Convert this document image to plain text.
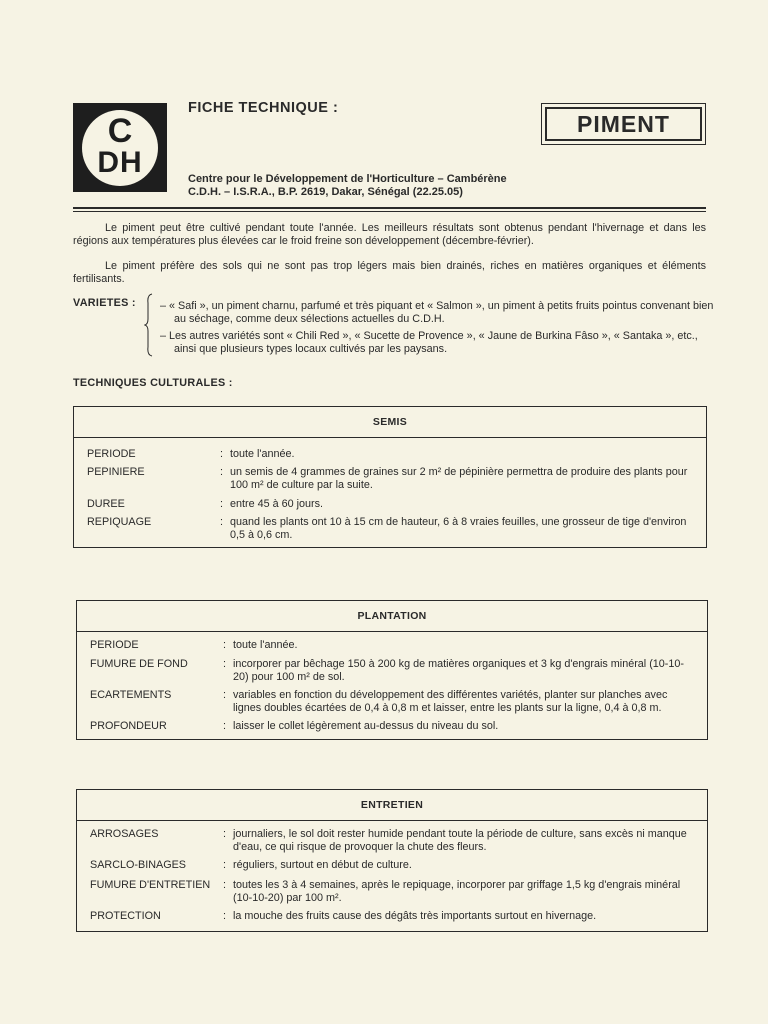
C
DH
FICHE TECHNIQUE :
PIMENT
Centre pour le Développement de l'Horticulture – Cambérène
C.D.H. – I.S.R.A., B.P. 2619, Dakar, Sénégal (22.25.05)
Le piment peut être cultivé pendant toute l'année. Les meilleurs résultats sont obtenus pendant l'hivernage et dans les régions aux températures plus élevées car le froid freine son développement (décembre-février).
Le piment préfère des sols qui ne sont pas trop légers mais bien drainés, riches en matières organiques et éléments fertilisants.
VARIETES : – « Safi », un piment charnu, parfumé et très piquant et « Salmon », un piment à petits fruits pointus convenant bien au séchage, comme deux sélections actuelles du C.D.H.
– Les autres variétés sont « Chili Red », « Sucette de Provence », « Jaune de Burkina Fâso », « Santaka », etc., ainsi que plusieurs types locaux cultivés par les paysans.
TECHNIQUES CULTURALES :
SEMIS
PERIODE	: toute l'année.
PEPINIERE	: un semis de 4 grammes de graines sur 2 m² de pépinière permettra de produire des plants pour 100 m² de culture par la suite.
DUREE	: entre 45 à 60 jours.
REPIQUAGE	: quand les plants ont 10 à 15 cm de hauteur, 6 à 8 vraies feuilles, une grosseur de tige d'environ 0,5 à 0,6 cm.
PLANTATION
PERIODE	: toute l'année.
FUMURE DE FOND	: incorporer par bêchage 150 à 200 kg de matières organiques et 3 kg d'engrais minéral (10-10-20) pour 100 m² de sol.
ECARTEMENTS	: variables en fonction du développement des différentes variétés, planter sur planches avec lignes doubles écartées de 0,4 à 0,8 m et laisser, entre les plants sur la ligne, 0,4 à 0,8 m.
PROFONDEUR	: laisser le collet légèrement au-dessus du niveau du sol.
ENTRETIEN
ARROSAGES	: journaliers, le sol doit rester humide pendant toute la période de culture, sans excès ni manque d'eau, ce qui risque de provoquer la chute des fleurs.
SARCLO-BINAGES	: réguliers, surtout en début de culture.
FUMURE D'ENTRETIEN : toutes les 3 à 4 semaines, après le repiquage, incorporer par griffage 1,5 kg d'engrais minéral (10-10-20) par 100 m².
PROTECTION	: la mouche des fruits cause des dégâts très importants surtout en hivernage.
